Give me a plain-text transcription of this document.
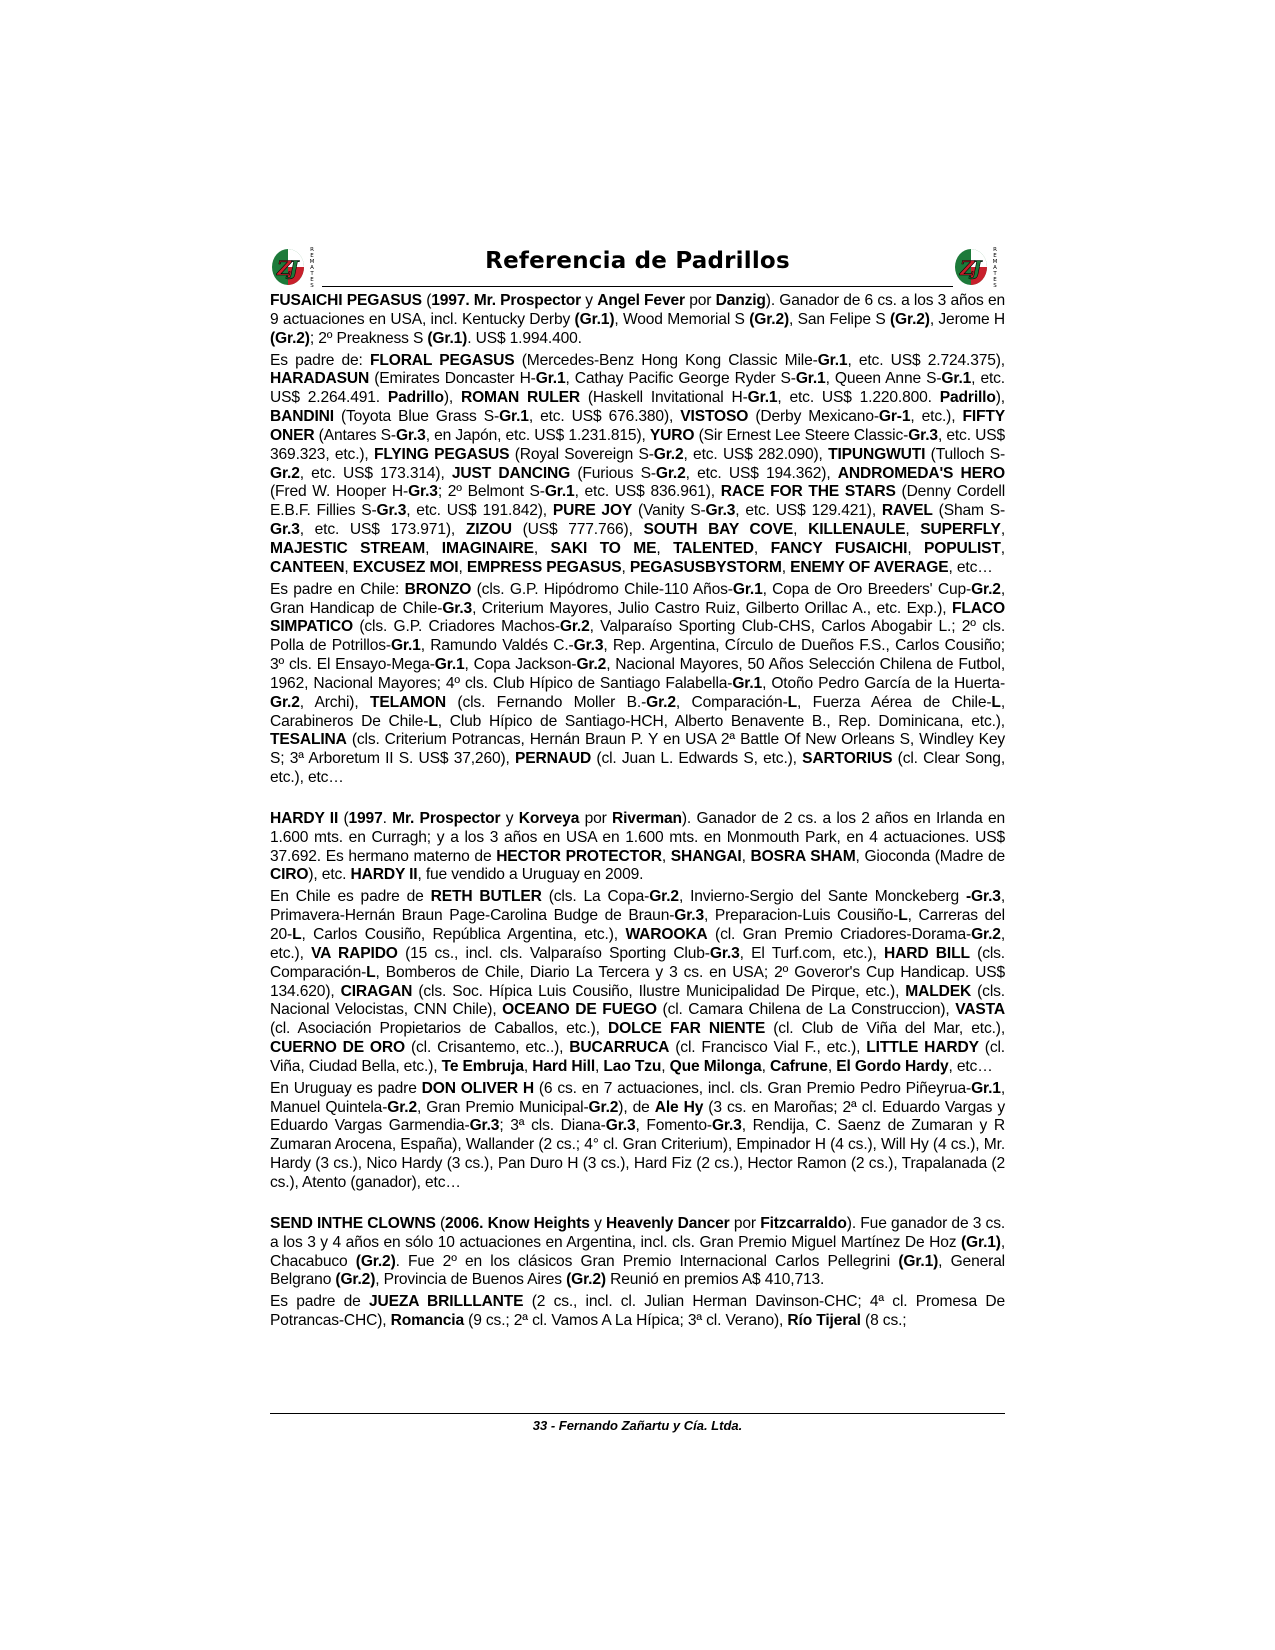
Z
J
R
E
M
A
T
E
S
Referencia de Padrillos	Z
J
R
E
M
A
T
E
S

FUSAICHI PEGASUS (1997. Mr. Prospector y Angel Fever por Danzig). Ganador de 6 cs. a los 3 años en 9 actuaciones en USA, incl. Kentucky Derby (Gr.1), Wood Memorial S (Gr.2), San Felipe S (Gr.2), Jerome H (Gr.2); 2º Preakness S (Gr.1). US$ 1.994.400.

Es padre de: FLORAL PEGASUS (Mercedes-Benz Hong Kong Classic Mile-Gr.1, etc. US$ 2.724.375), HARADASUN (Emirates Doncaster H-Gr.1, Cathay Pacific George Ryder S-Gr.1, Queen Anne S-Gr.1, etc. US$ 2.264.491. Padrillo), ROMAN RULER (Haskell Invitational H-Gr.1, etc. US$ 1.220.800. Padrillo), BANDINI (Toyota Blue Grass S-Gr.1, etc. US$ 676.380), VISTOSO (Derby Mexicano-Gr-1, etc.), FIFTY ONER (Antares S-Gr.3, en Japón, etc. US$ 1.231.815), YURO (Sir Ernest Lee Steere Classic-Gr.3, etc. US$ 369.323, etc.), FLYING PEGASUS (Royal Sovereign S-Gr.2, etc. US$ 282.090), TIPUNGWUTI (Tulloch S-Gr.2, etc. US$ 173.314), JUST DANCING (Furious S-Gr.2, etc. US$ 194.362), ANDROMEDA'S HERO (Fred W. Hooper H-Gr.3; 2º Belmont S-Gr.1, etc. US$ 836.961), RACE FOR THE STARS (Denny Cordell E.B.F. Fillies S-Gr.3, etc. US$ 191.842), PURE JOY (Vanity S-Gr.3, etc. US$ 129.421), RAVEL (Sham S-Gr.3, etc. US$ 173.971), ZIZOU (US$ 777.766), SOUTH BAY COVE, KILLENAULE, SUPERFLY, MAJESTIC STREAM, IMAGINAIRE, SAKI TO ME, TALENTED, FANCY FUSAICHI, POPULIST, CANTEEN, EXCUSEZ MOI, EMPRESS PEGASUS, PEGASUSBYSTORM, ENEMY OF AVERAGE, etc…

Es padre en Chile: BRONZO (cls. G.P. Hipódromo Chile-110 Años-Gr.1, Copa de Oro Breeders' Cup-Gr.2, Gran Handicap de Chile-Gr.3, Criterium Mayores, Julio Castro Ruiz, Gilberto Orillac A., etc. Exp.), FLACO SIMPATICO (cls. G.P. Criadores Machos-Gr.2, Valparaíso Sporting Club-CHS, Carlos Abogabir L.; 2º cls. Polla de Potrillos-Gr.1, Ramundo Valdés C.-Gr.3, Rep. Argentina, Círculo de Dueños F.S., Carlos Cousiño; 3º cls. El Ensayo-Mega-Gr.1, Copa Jackson-Gr.2, Nacional Mayores, 50 Años Selección Chilena de Futbol, 1962, Nacional Mayores; 4º cls. Club Hípico de Santiago Falabella-Gr.1, Otoño Pedro García de la Huerta-Gr.2, Archi), TELAMON (cls. Fernando Moller B.-Gr.2, Comparación-L, Fuerza Aérea de Chile-L, Carabineros De Chile-L, Club Hípico de Santiago-HCH, Alberto Benavente B., Rep. Dominicana, etc.), TESALINA (cls. Criterium Potrancas, Hernán Braun P. Y en USA 2ª Battle Of New Orleans S, Windley Key S; 3ª Arboretum II S. US$ 37,260), PERNAUD (cl. Juan L. Edwards S, etc.), SARTORIUS (cl. Clear Song, etc.), etc…

HARDY II (1997. Mr. Prospector y Korveya por Riverman). Ganador de 2 cs. a los 2 años en Irlanda en 1.600 mts. en Curragh; y a los 3 años en USA en 1.600 mts. en Monmouth Park, en 4 actuaciones. US$ 37.692. Es hermano materno de HECTOR PROTECTOR, SHANGAI, BOSRA SHAM, Gioconda (Madre de CIRO), etc. HARDY II, fue vendido a Uruguay en 2009.

En Chile es padre de RETH BUTLER (cls. La Copa-Gr.2, Invierno-Sergio del Sante Monckeberg -Gr.3, Primavera-Hernán Braun Page-Carolina Budge de Braun-Gr.3, Preparacion-Luis Cousiño-L, Carreras del 20-L, Carlos Cousiño, República Argentina, etc.), WAROOKA (cl. Gran Premio Criadores-Dorama-Gr.2, etc.), VA RAPIDO (15 cs., incl. cls. Valparaíso Sporting Club-Gr.3, El Turf.com, etc.), HARD BILL (cls. Comparación-L, Bomberos de Chile, Diario La Tercera y 3 cs. en USA; 2º Goveror's Cup Handicap. US$ 134.620), CIRAGAN (cls. Soc. Hípica Luis Cousiño, Ilustre Municipalidad De Pirque, etc.), MALDEK (cls. Nacional Velocistas, CNN Chile), OCEANO DE FUEGO (cl. Camara Chilena de La Construccion), VASTA (cl. Asociación Propietarios de Caballos, etc.), DOLCE FAR NIENTE (cl. Club de Viña del Mar, etc.), CUERNO DE ORO (cl. Crisantemo, etc..), BUCARRUCA (cl. Francisco Vial F., etc.), LITTLE HARDY (cl. Viña, Ciudad Bella, etc.), Te Embruja, Hard Hill, Lao Tzu, Que Milonga, Cafrune, El Gordo Hardy, etc…

En Uruguay es padre DON OLIVER H (6 cs. en 7 actuaciones, incl. cls. Gran Premio Pedro Piñeyrua-Gr.1, Manuel Quintela-Gr.2, Gran Premio Municipal-Gr.2), de Ale Hy (3 cs. en Maroñas; 2ª cl. Eduardo Vargas y Eduardo Vargas Garmendia-Gr.3; 3ª cls. Diana-Gr.3, Fomento-Gr.3, Rendija, C. Saenz de Zumaran y R Zumaran Arocena, España), Wallander (2 cs.; 4° cl. Gran Criterium), Empinador H (4 cs.), Will Hy (4 cs.), Mr. Hardy (3 cs.), Nico Hardy (3 cs.), Pan Duro H (3 cs.), Hard Fiz (2 cs.), Hector Ramon (2 cs.), Trapalanada (2 cs.), Atento (ganador), etc…

SEND INTHE CLOWNS (2006. Know Heights y Heavenly Dancer por Fitzcarraldo). Fue ganador de 3 cs. a los 3 y 4 años en sólo 10 actuaciones en Argentina, incl. cls. Gran Premio Miguel Martínez De Hoz (Gr.1), Chacabuco (Gr.2). Fue 2º en los clásicos Gran Premio Internacional Carlos Pellegrini (Gr.1), General Belgrano (Gr.2), Provincia de Buenos Aires (Gr.2) Reunió en premios A$ 410,713.

Es padre de JUEZA BRILLLANTE (2 cs., incl. cl. Julian Herman Davinson-CHC; 4ª cl. Promesa De Potrancas-CHC), Romancia (9 cs.; 2ª cl. Vamos A La Hípica; 3ª cl. Verano), Río Tijeral (8 cs.;

33 - Fernando Zañartu y Cía. Ltda.
